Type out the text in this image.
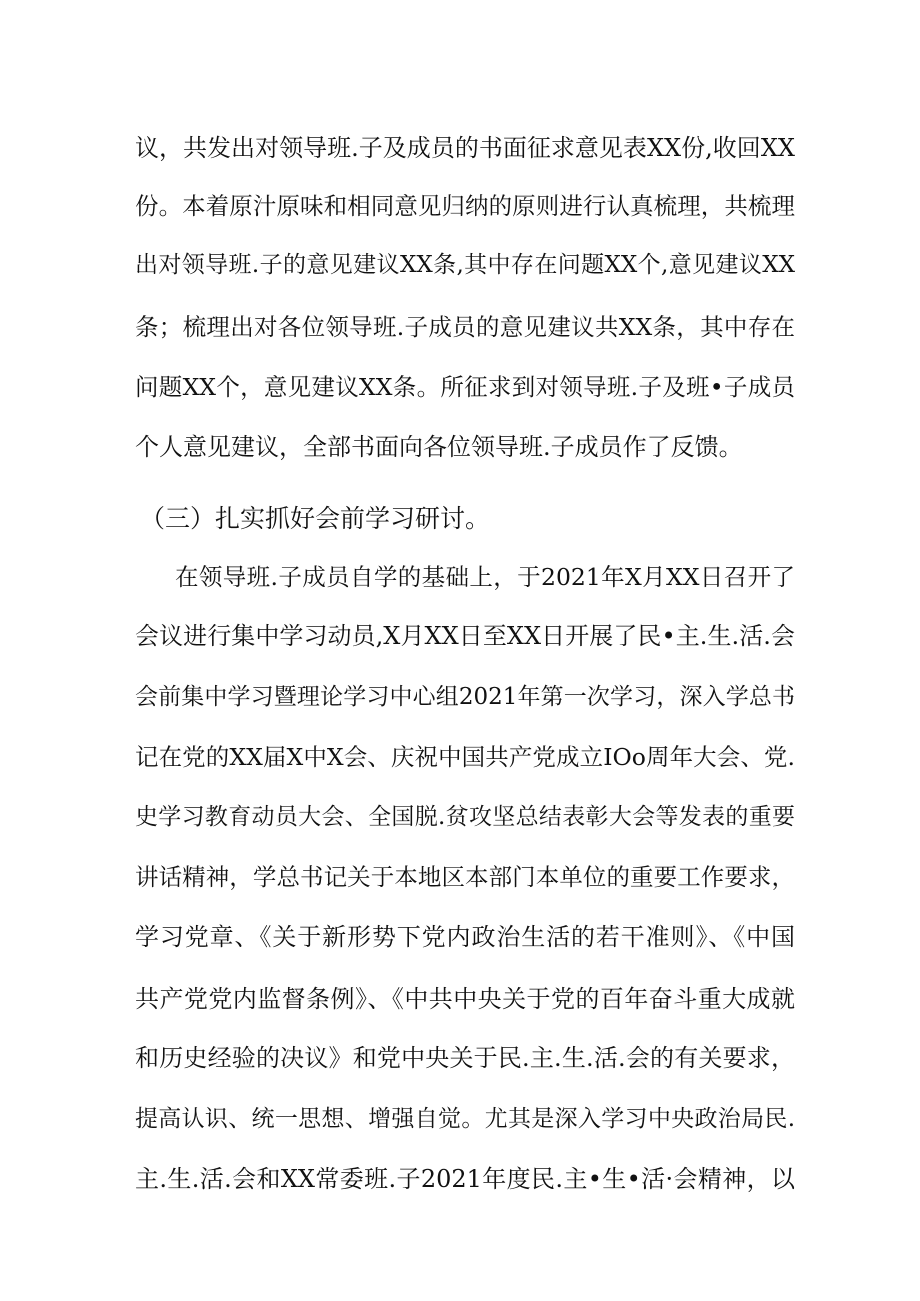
议，共发出对领导班.子及成员的书面征求意见表XX份,收回XX
份。本着原汁原味和相同意见归纳的原则进行认真梳理，共梳理
出对领导班.子的意见建议XX条,其中存在问题XX个,意见建议XX
条；梳理出对各位领导班.子成员的意见建议共XX条，其中存在
问题XX个，意见建议XX条。所征求到对领导班.子及班•子成员
个人意见建议，全部书面向各位领导班.子成员作了反馈。
（三）扎实抓好会前学习研讨。
在领导班.子成员自学的基础上，于2021年X月XX日召开了
会议进行集中学习动员,X月XX日至XX日开展了民•主.生.活.会
会前集中学习暨理论学习中心组2021年第一次学习，深入学总书
记在党的XX届X中X会、庆祝中国共产党成立IOo周年大会、党.
史学习教育动员大会、全国脱.贫攻坚总结表彰大会等发表的重要
讲话精神，学总书记关于本地区本部门本单位的重要工作要求，
学习党章、《关于新形势下党内政治生活的若干准则》、《中国
共产党党内监督条例》、《中共中央关于党的百年奋斗重大成就
和历史经验的决议》和党中央关于民.主.生.活.会的有关要求，
提高认识、统一思想、增强自觉。尤其是深入学习中央政治局民.
主.生.活.会和XX常委班.子2021年度民.主•生•活·会精神，以
